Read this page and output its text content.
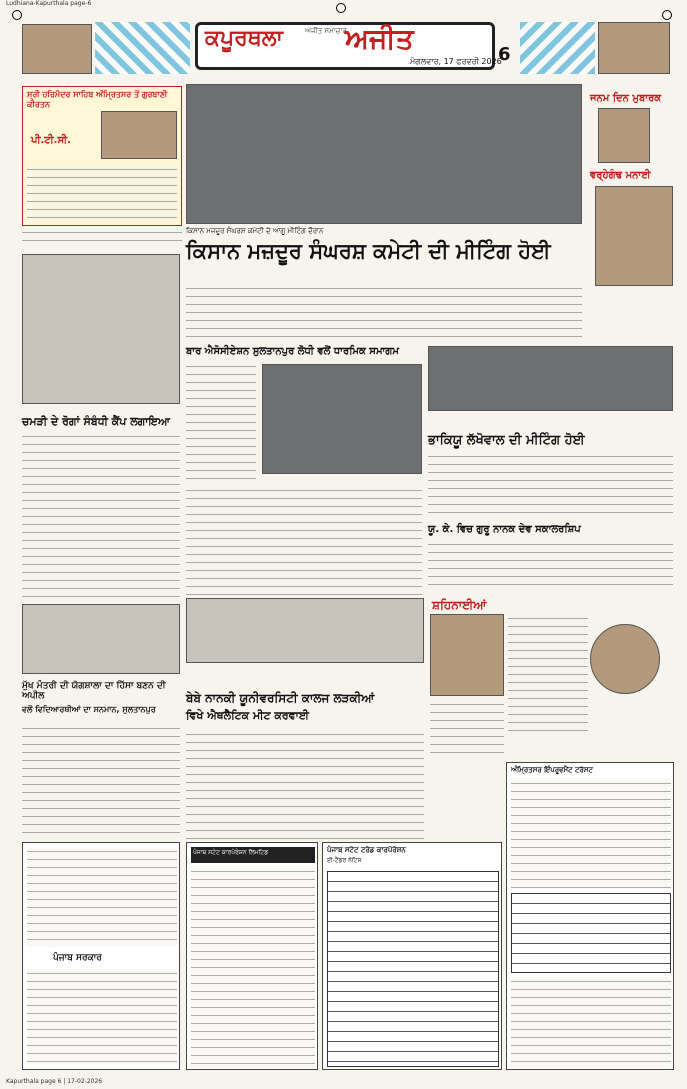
Ludhiana-Kapurthala page-6
ਕਪੂਰਥਲਾ	ਅਜੀਤ ਸਮਾਚਾਰ
ਅਜੀਤ
ਮੰਗਲਵਾਰ, 17 ਫਰਵਰੀ 2026
6
ਸ੍ਰੀ ਹਰਿਮੰਦਰ ਸਾਹਿਬ ਅੰਮ੍ਰਿਤਸਰ ਤੋਂ ਗੁਰਬਾਣੀ ਕੀਰਤਨ
ਪੀ.ਟੀ.ਸੀ.
ਕਿਸਾਨ ਮਜ਼ਦੂਰ ਸੰਘਰਸ਼ ਕਮੇਟੀ ਦੇ ਆਗੂ ਮੀਟਿੰਗ ਦੌਰਾਨ
ਕਿਸਾਨ ਮਜ਼ਦੂਰ ਸੰਘਰਸ਼ ਕਮੇਟੀ ਦੀ ਮੀਟਿੰਗ ਹੋਈ
ਜਨਮ ਦਿਨ ਮੁਬਾਰਕ
ਵਰ੍ਹੇਗੰਢ ਮਨਾਈ
ਚਮੜੀ ਦੇ ਰੋਗਾਂ ਸੰਬੰਧੀ ਕੈਂਪ ਲਗਾਇਆ
ਬਾਰ ਐਸੋਸੀਏਸ਼ਨ ਸੁਲਤਾਨਪੁਰ ਲੋਧੀ ਵਲੋਂ ਧਾਰਮਿਕ ਸਮਾਗਮ
ਭਾਕਿਯੂ ਲੱਖੋਵਾਲ ਦੀ ਮੀਟਿੰਗ ਹੋਈ
ਯੂ. ਕੇ. ਵਿਚ ਗੁਰੂ ਨਾਨਕ ਦੇਵ ਸਕਾਲਰਸ਼ਿਪ
ਸ਼ਹਿਨਾਈਆਂ
ਮੁੱਖ ਮੰਤਰੀ ਦੀ ਯੋਗਸ਼ਾਲਾ ਦਾ ਹਿੱਸਾ ਬਣਨ ਦੀ ਅਪੀਲ
ਵਲੋਂ ਵਿਦਿਆਰਥੀਆਂ ਦਾ ਸਨਮਾਨ, ਸੁਲਤਾਨਪੁਰ
ਬੇਬੇ ਨਾਨਕੀ ਯੂਨੀਵਰਸਿਟੀ ਕਾਲਜ ਲੜਕੀਆਂ
ਵਿਖੇ ਐਥਲੈਟਿਕ ਮੀਟ ਕਰਵਾਈ
ਪੰਜਾਬ ਸਰਕਾਰ
ਪੰਜਾਬ ਸਟੇਟ ਕਾਰਪੋਰੇਸ਼ਨ ਲਿਮਟਿਡ	ਪੰਜਾਬ ਸਟੇਟ ਟਰੇਡ ਕਾਰਪੋਰੇਸ਼ਨ
ਈ-ਟੈਂਡਰ ਨੋਟਿਸ
ਅੰਮ੍ਰਿਤਸਰ ਇੰਪਰੂਵਮੈਂਟ ਟਰੱਸਟ
Kapurthala page 6 | 17-02-2026
